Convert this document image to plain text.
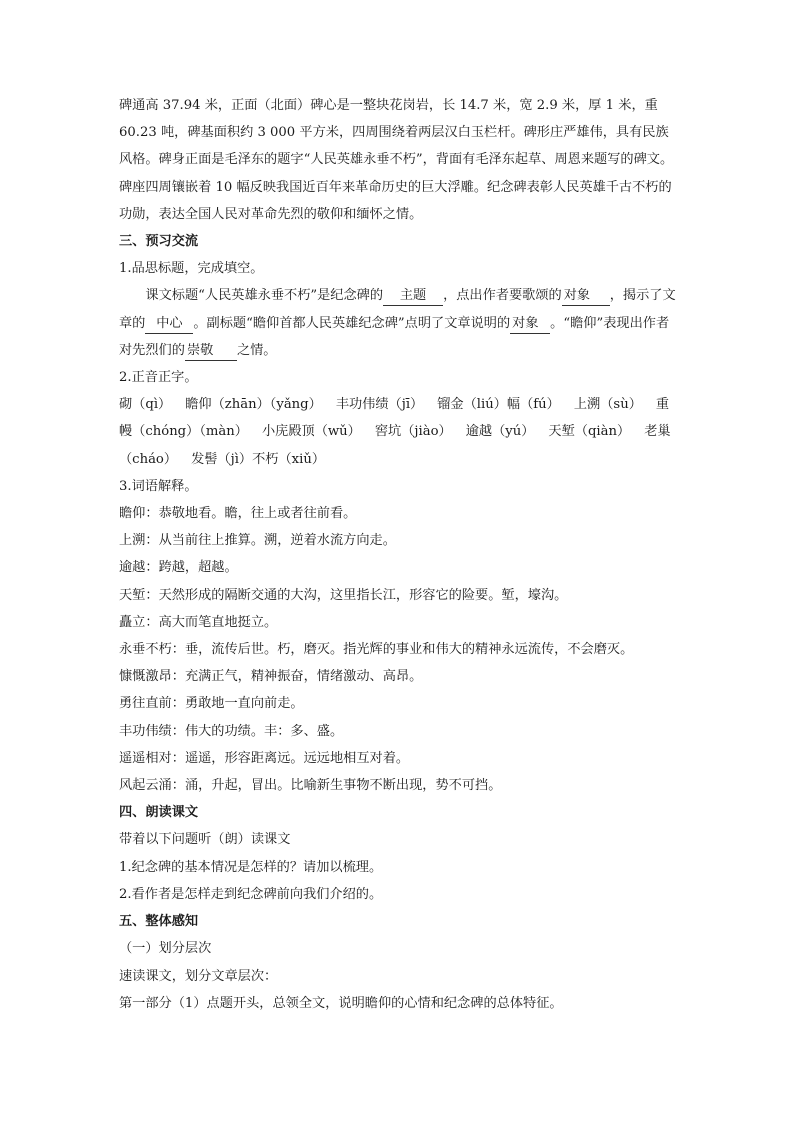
碑通高 37.94 米，正面（北面）碑心是一整块花岗岩，长 14.7 米，宽 2.9 米，厚 1 米，重 60.23 吨，碑基面积约 3 000 平方米，四周围绕着两层汉白玉栏杆。碑形庄严雄伟，具有民族风格。碑身正面是毛泽东的题字“人民英雄永垂不朽”，背面有毛泽东起草、周恩来题写的碑文。碑座四周镶嵌着 10 幅反映我国近百年来革命历史的巨大浮雕。纪念碑表彰人民英雄千古不朽的功勋，表达全国人民对革命先烈的敬仰和缅怀之情。

三、预习交流

1.品思标题，完成填空。

课文标题“人民英雄永垂不朽”是纪念碑的 主题 ，点出作者要歌颂的 对象 ，揭示了文章的 中心 。副标题“瞻仰首都人民英雄纪念碑”点明了文章说明的 对象 。“瞻仰”表现出作者对先烈们的 崇敬 之情。

2.正音正字。

砌（qì） 瞻仰（zhān）（yǎng） 丰功伟绩（jī） 镏金（liú）幅（fú） 上溯（sù） 重幔（chóng）（màn） 小庑殿顶（wǔ） 窖坑（jiào） 逾越（yú） 天堑（qiàn） 老巢（cháo） 发髻（jì）不朽（xiǔ）

3.词语解释。

瞻仰：恭敬地看。瞻，往上或者往前看。

上溯：从当前往上推算。溯，逆着水流方向走。

逾越：跨越，超越。

天堑：天然形成的隔断交通的大沟，这里指长江，形容它的险要。堑，壕沟。

矗立：高大而笔直地挺立。

永垂不朽：垂，流传后世。朽，磨灭。指光辉的事业和伟大的精神永远流传，不会磨灭。

慷慨激昂：充满正气，精神振奋，情绪激动、高昂。

勇往直前：勇敢地一直向前走。

丰功伟绩：伟大的功绩。丰：多、盛。

遥遥相对：遥遥，形容距离远。远远地相互对着。

风起云涌：涌，升起，冒出。比喻新生事物不断出现，势不可挡。

四、朗读课文

带着以下问题听（朗）读课文

1.纪念碑的基本情况是怎样的？请加以梳理。

2.看作者是怎样走到纪念碑前向我们介绍的。

五、整体感知

（一）划分层次

速读课文，划分文章层次：

第一部分（1）点题开头，总领全文，说明瞻仰的心情和纪念碑的总体特征。
